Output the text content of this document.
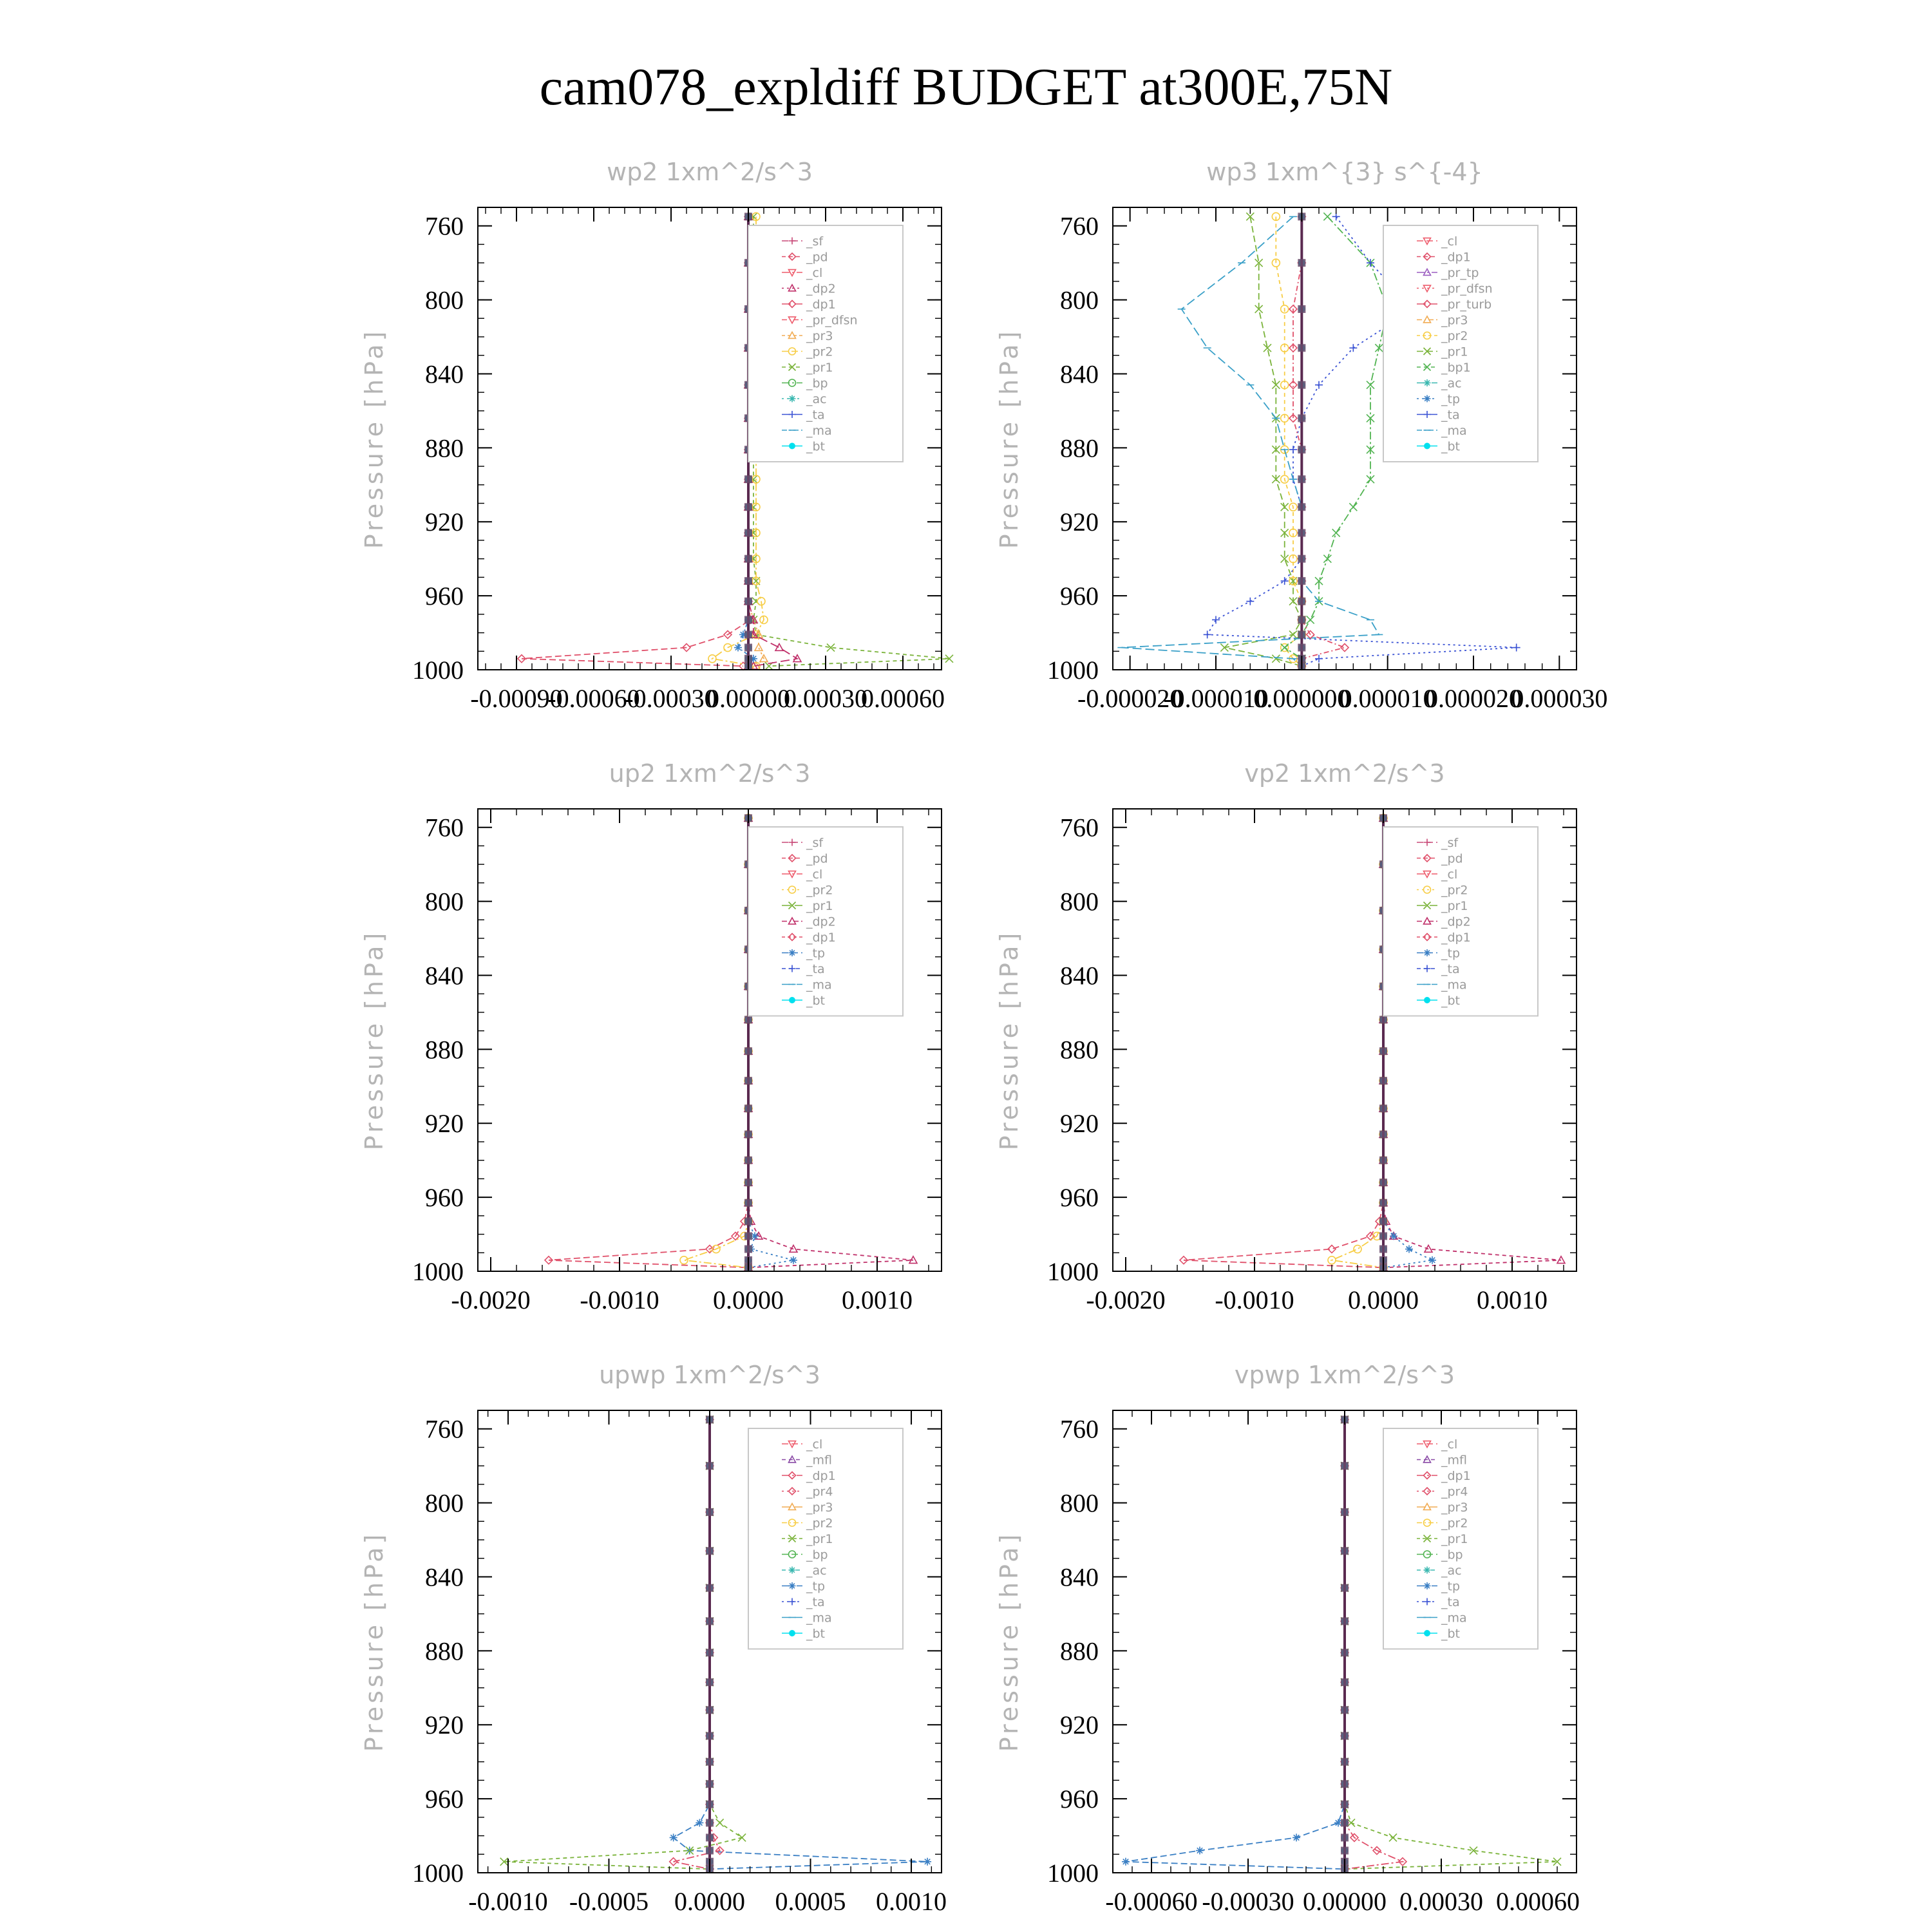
cam078_expldiff BUDGET at300E,75N
wp2 1xm^2/s^3
Pressure [hPa]
760
800
840
880
920
960
1000
-0.00090
-0.00060
-0.00030
0.00000
0.00030
0.00060
_sf
_pd
_cl
_dp2
_dp1
_pr_dfsn
_pr3
_pr2
_pr1
_bp
_ac
_ta
_ma
_bt
wp3 1xm^{3} s^{-4}
Pressure [hPa]
760
800
840
880
920
960
1000
-0.000020
-0.000010
0.000000
0.000010
0.000020
0.000030
_cl
_dp1
_pr_tp
_pr_dfsn
_pr_turb
_pr3
_pr2
_pr1
_bp1
_ac
_tp
_ta
_ma
_bt
up2 1xm^2/s^3
Pressure [hPa]
760
800
840
880
920
960
1000
-0.0020 -0.0010 0.0000 0.0010
_sf
_pd
_cl
_pr2
_pr1
_dp2
_dp1
_tp
_ta
_ma
_bt
vp2 1xm^2/s^3
Pressure [hPa]
760
800
840
880
920
960
1000
-0.0020 -0.0010 0.0000 0.0010
_sf
_pd
_cl
_pr2
_pr1
_dp2
_dp1
_tp
_ta
_ma
_bt
upwp 1xm^2/s^3
Pressure [hPa]
760
800
840
880
920
960
1000
-0.0010 -0.0005 0.0000 0.0005 0.0010
_cl
_mfl
_dp1
_pr4
_pr3
_pr2
_pr1
_bp
_ac
_tp
_ta
_ma
_bt
vpwp 1xm^2/s^3
Pressure [hPa]
760
800
840
880
920
960
1000
-0.00060 -0.00030 0.00000 0.00030 0.00060
_cl
_mfl
_dp1
_pr4
_pr3
_pr2
_pr1
_bp
_ac
_tp
_ta
_ma
_bt
